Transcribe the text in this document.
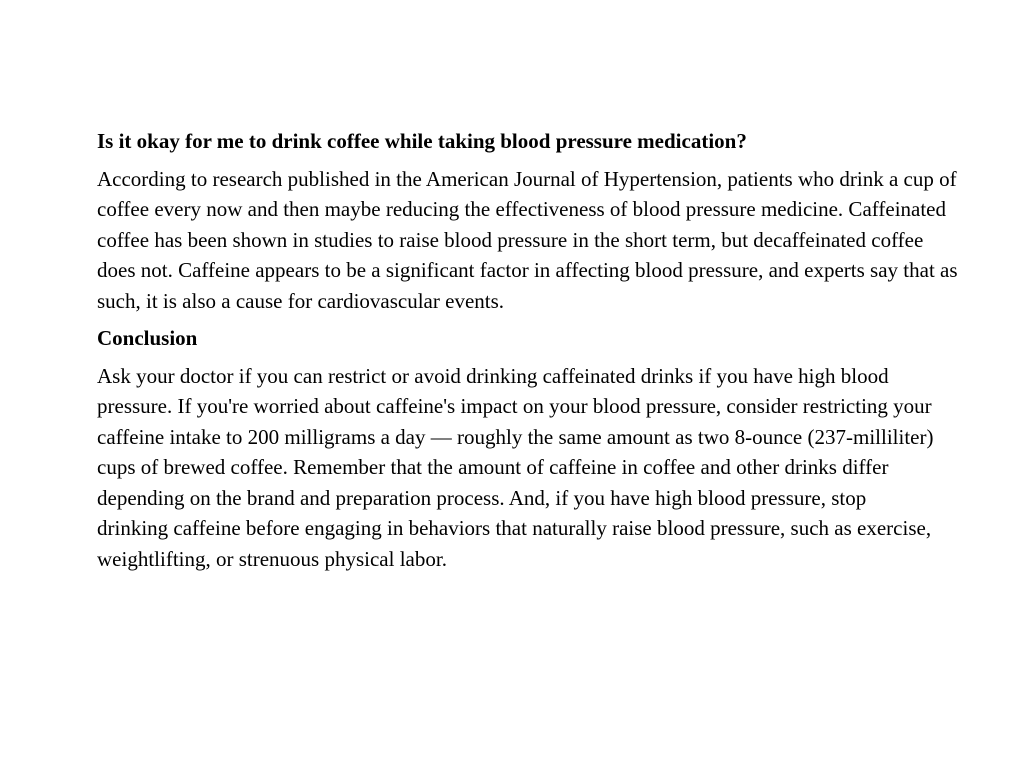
Is it okay for me to drink coffee while taking blood pressure medication?
According to research published in the American Journal of Hypertension, patients who drink a cup of coffee every now and then maybe reducing the effectiveness of blood pressure medicine. Caffeinated coffee has been shown in studies to raise blood pressure in the short term, but decaffeinated coffee does not. Caffeine appears to be a significant factor in affecting blood pressure, and experts say that as such, it is also a cause for cardiovascular events.
Conclusion
Ask your doctor if you can restrict or avoid drinking caffeinated drinks if you have high blood pressure. If you're worried about caffeine's impact on your blood pressure, consider restricting your caffeine intake to 200 milligrams a day — roughly the same amount as two 8-ounce (237-milliliter) cups of brewed coffee. Remember that the amount of caffeine in coffee and other drinks differ depending on the brand and preparation process. And, if you have high blood pressure, stop drinking caffeine before engaging in behaviors that naturally raise blood pressure, such as exercise, weightlifting, or strenuous physical labor.
